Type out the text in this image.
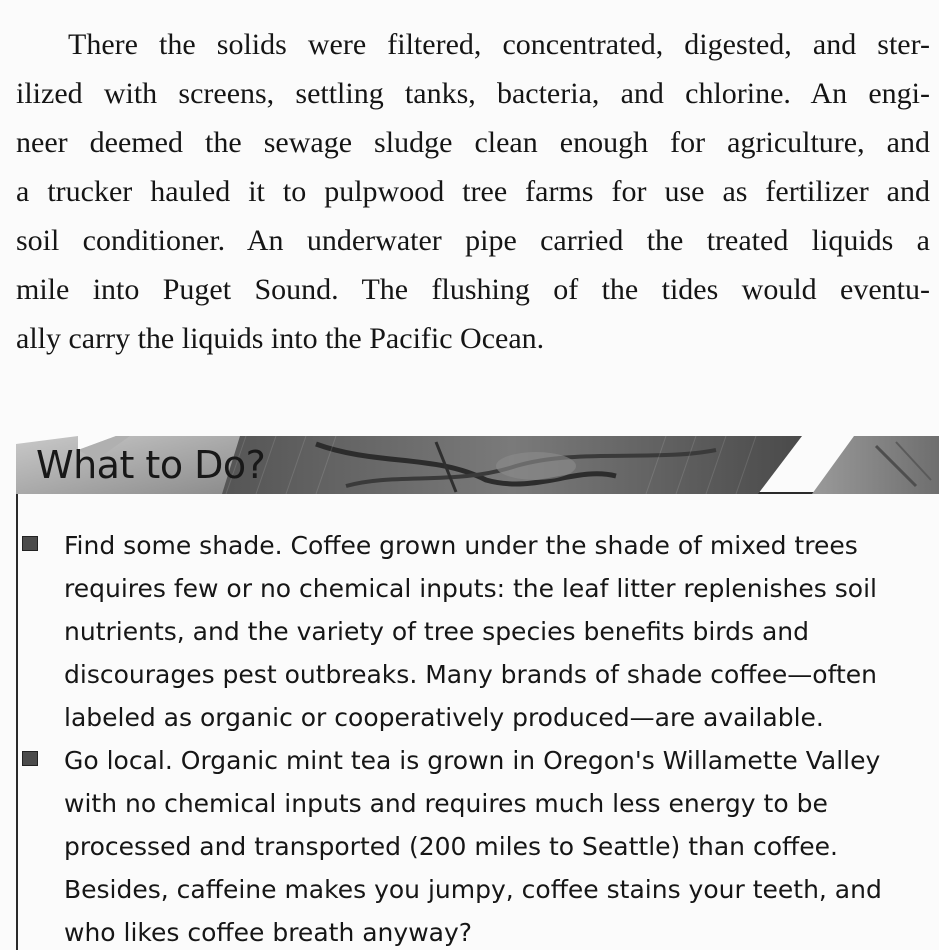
There the solids were filtered, concentrated, digested, and ster-
ilized with screens, settling tanks, bacteria, and chlorine. An engi-
neer deemed the sewage sludge clean enough for agriculture, and
a trucker hauled it to pulpwood tree farms for use as fertilizer and
soil conditioner. An underwater pipe carried the treated liquids a
mile into Puget Sound. The flushing of the tides would eventu-
ally carry the liquids into the Pacific Ocean.
What to Do?
Find some shade. Coffee grown under the shade of mixed trees
requires few or no chemical inputs: the leaf litter replenishes soil
nutrients, and the variety of tree species benefits birds and
discourages pest outbreaks. Many brands of shade coffee—often
labeled as organic or cooperatively produced—are available.
Go local. Organic mint tea is grown in Oregon's Willamette Valley
with no chemical inputs and requires much less energy to be
processed and transported (200 miles to Seattle) than coffee.
Besides, caffeine makes you jumpy, coffee stains your teeth, and
who likes coffee breath anyway?
